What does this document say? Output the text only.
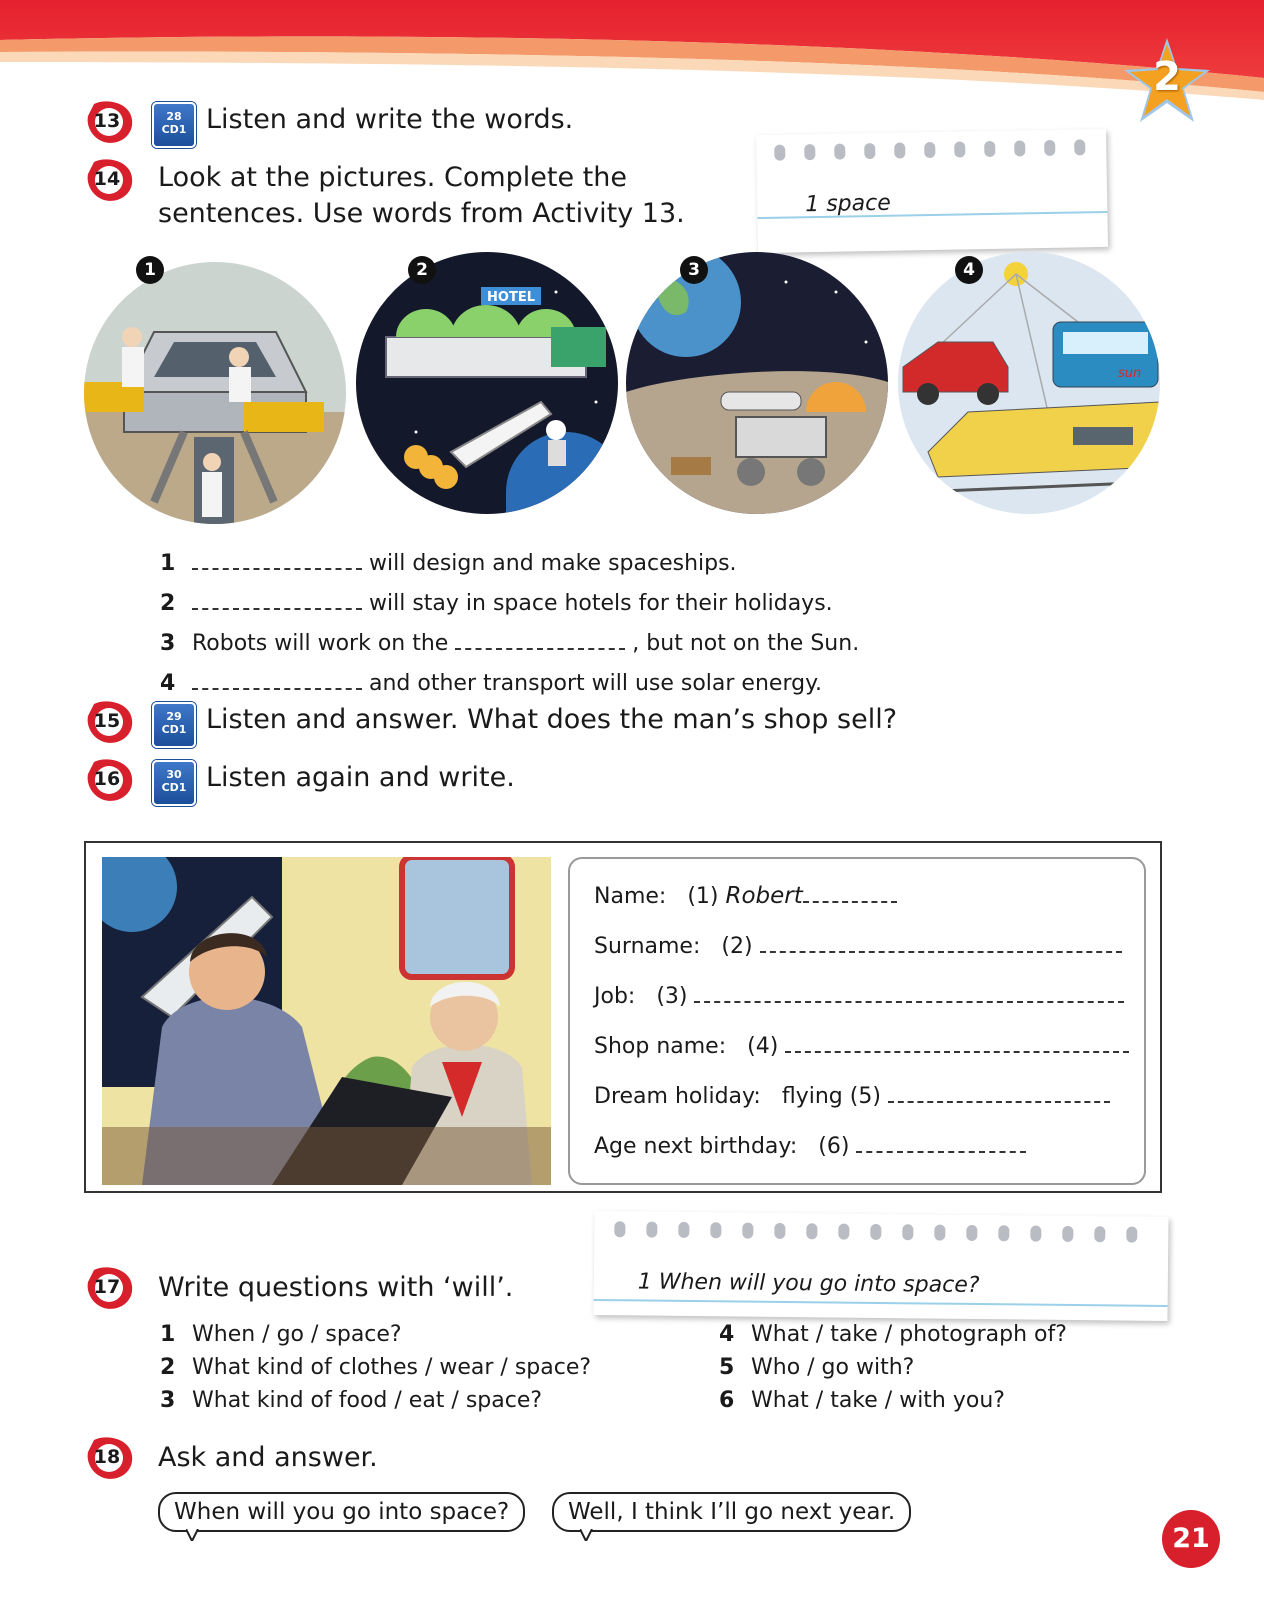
2
13	28
CD1 Listen and write the words.
14 Look at the pictures. Complete the
sentences. Use words from Activity 13.	1 space
1
HOTEL
2	3
sun
4
1	will design and make spaceships.
2	will stay in space hotels for their holidays.
3 Robots will work on the	, but not on the Sun.
4	and other transport will use solar energy.
15	29
CD1 Listen and answer. What does the man’s shop sell?
16	30
CD1 Listen again and write.
Name: (1) Robert
Surname: (2)
Job: (3)
Shop name: (4)
Dream holiday: flying (5)
Age next birthday: (6)
1 When will you go into space?
17 Write questions with ‘will’.
1 When / go / space?
2 What kind of clothes / wear / space?
3 What kind of food / eat / space?
4 What / take / photograph of?
5 Who / go with?
6 What / take / with you?
18 Ask and answer.
When will you go into space?	Well, I think I’ll go next year.
21
